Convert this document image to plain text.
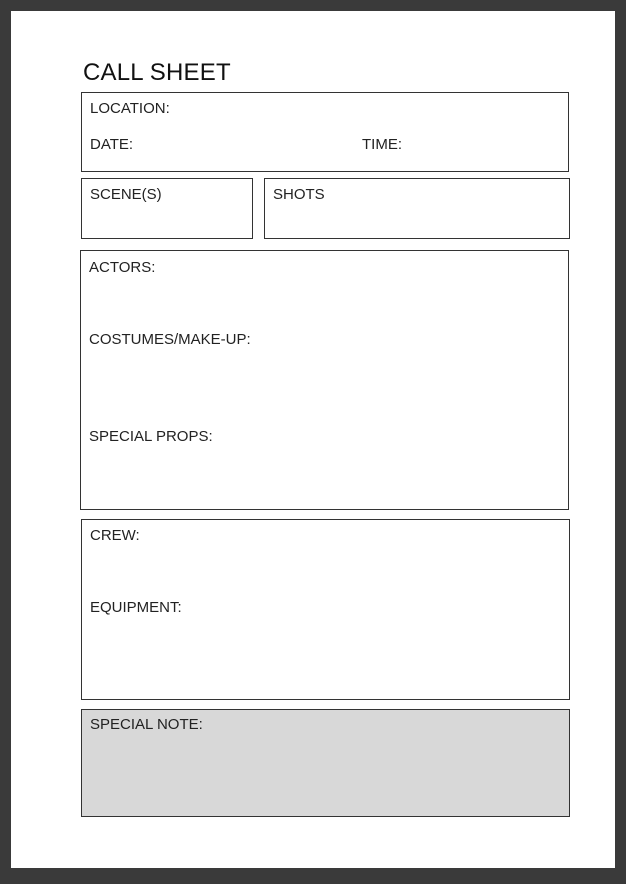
CALL SHEET
LOCATION:
DATE:	TIME:
SCENE(S)	SHOTS
ACTORS:
COSTUMES/MAKE-UP:
SPECIAL PROPS:
CREW:
EQUIPMENT:
SPECIAL NOTE:
